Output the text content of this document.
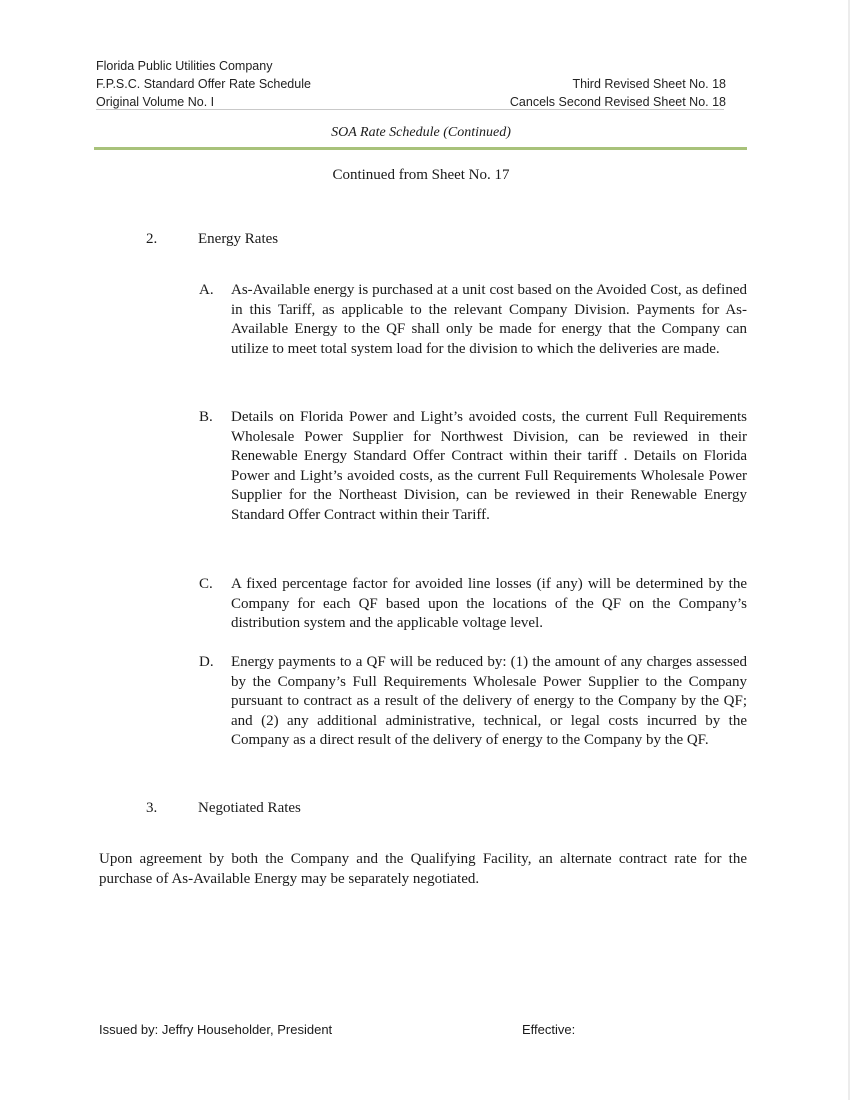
Florida Public Utilities Company
F.P.S.C. Standard Offer Rate Schedule
Original Volume No. I
Third Revised Sheet No. 18
Cancels Second Revised Sheet No. 18
SOA Rate Schedule (Continued)
Continued from Sheet No. 17
2.	Energy Rates
A. As-Available energy is purchased at a unit cost based on the Avoided Cost, as defined in this Tariff, as applicable to the relevant Company Division. Payments for As-Available Energy to the QF shall only be made for energy that the Company can utilize to meet total system load for the division to which the deliveries are made.
B. Details on Florida Power and Light’s avoided costs, the current Full Requirements Wholesale Power Supplier for Northwest Division, can be reviewed in their Renewable Energy Standard Offer Contract within their tariff . Details on Florida Power and Light’s avoided costs, as the current Full Requirements Wholesale Power Supplier for the Northeast Division, can be reviewed in their Renewable Energy Standard Offer Contract within their Tariff.
C. A fixed percentage factor for avoided line losses (if any) will be determined by the Company for each QF based upon the locations of the QF on the Company’s distribution system and the applicable voltage level.
D. Energy payments to a QF will be reduced by: (1) the amount of any charges assessed by the Company’s Full Requirements Wholesale Power Supplier to the Company pursuant to contract as a result of the delivery of energy to the Company by the QF; and (2) any additional administrative, technical, or legal costs incurred by the Company as a direct result of the delivery of energy to the Company by the QF.
3.	Negotiated Rates
Upon agreement by both the Company and the Qualifying Facility, an alternate contract rate for the purchase of As-Available Energy may be separately negotiated.
Issued by: Jeffry Householder, President	Effective:
